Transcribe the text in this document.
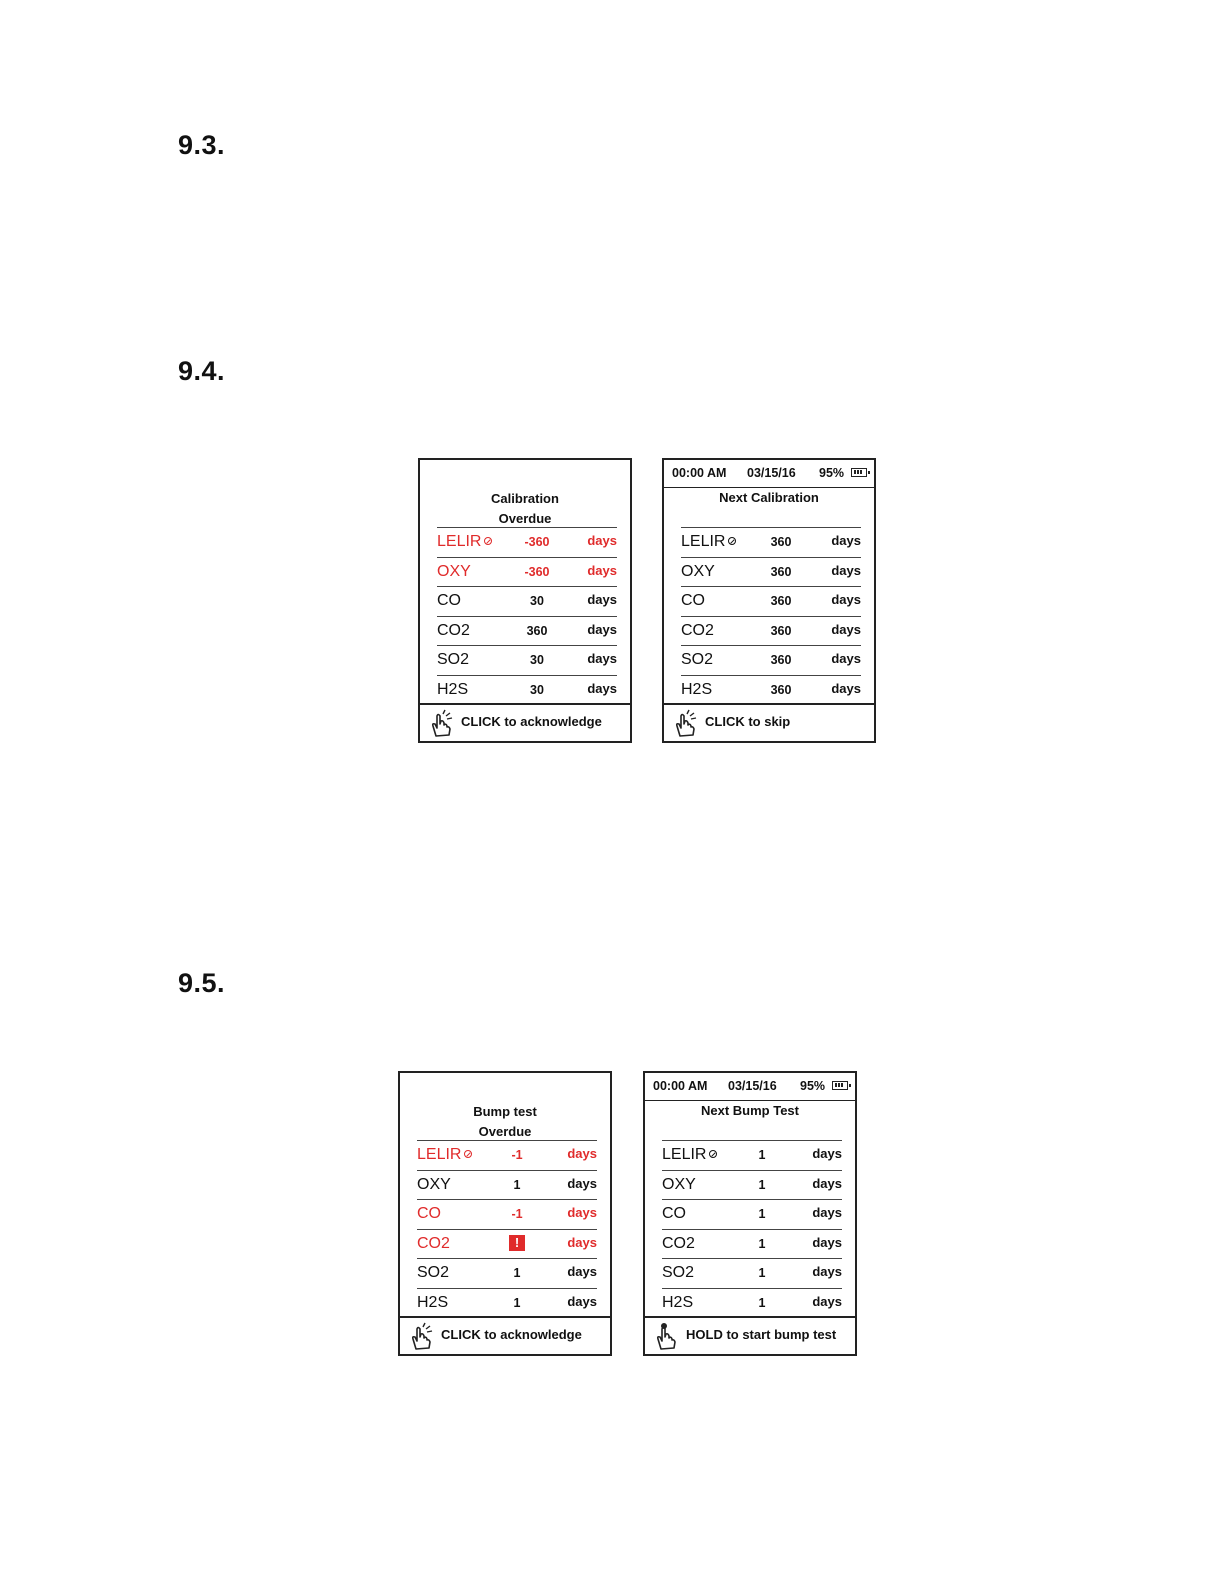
9.3.
9.4.
9.5.
Calibration
Overdue
LELIR	-360	days
OXY	-360	days
CO	30	days
CO2	360	days
SO2	30	days
H2S	30	days
CLICK to acknowledge
00:00 AM 03/15/16 95%
Next Calibration
LELIR	360	days
OXY	360	days
CO	360	days
CO2	360	days
SO2	360	days
H2S	360	days
CLICK to skip
Bump test
Overdue
LELIR	-1	days
OXY	1	days
CO	-1	days
CO2	!	days
SO2	1	days
H2S	1	days
CLICK to acknowledge
00:00 AM 03/15/16 95%
Next Bump Test
LELIR	1	days
OXY	1	days
CO	1	days
CO2	1	days
SO2	1	days
H2S	1	days
HOLD to start bump test
